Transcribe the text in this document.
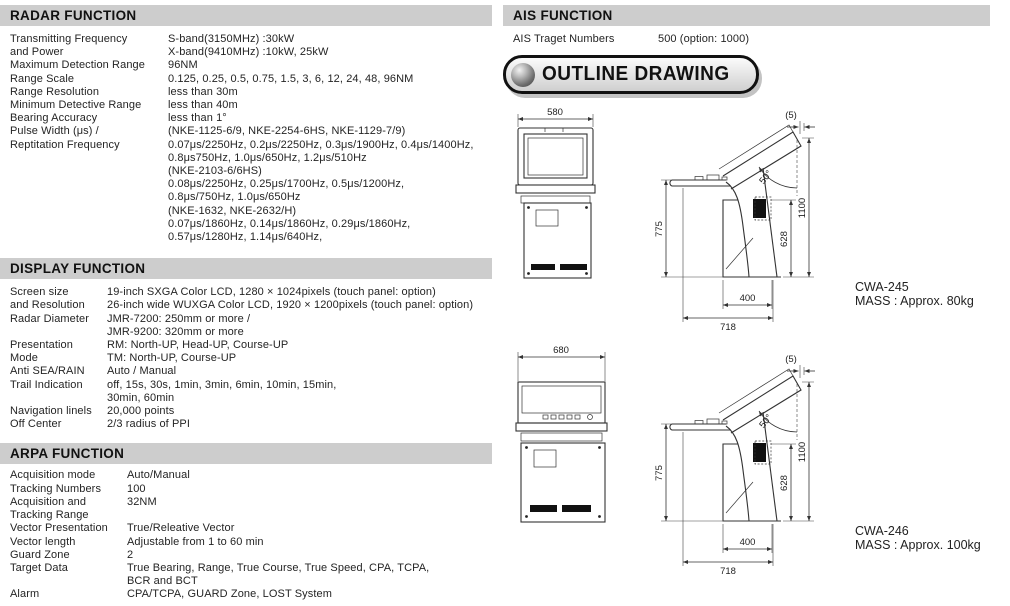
RADAR FUNCTION
Transmitting Frequency	S-band(3150MHz) :30kW
and Power	X-band(9410MHz) :10kW, 25kW
Maximum Detection Range	96NM
Range Scale	0.125, 0.25, 0.5, 0.75, 1.5, 3, 6, 12, 24, 48, 96NM
Range Resolution	less than 30m
Minimum Detective Range	less than 40m
Bearing Accuracy	less than 1°
Pulse Width (μs) /	(NKE-1125-6/9, NKE-2254-6HS, NKE-1129-7/9)
Reptitation Frequency	0.07μs/2250Hz, 0.2μs/2250Hz, 0.3μs/1900Hz, 0.4μs/1400Hz,
0.8μs750Hz, 1.0μs/650Hz, 1.2μs/510Hz
(NKE-2103-6/6HS)
0.08μs/2250Hz, 0.25μs/1700Hz, 0.5μs/1200Hz,
0.8μs/750Hz, 1.0μs/650Hz
(NKE-1632, NKE-2632/H)
0.07μs/1860Hz, 0.14μs/1860Hz, 0.29μs/1860Hz,
0.57μs/1280Hz, 1.14μs/640Hz,
DISPLAY FUNCTION
Screen size	19-inch SXGA Color LCD, 1280 × 1024pixels (touch panel: option)
and Resolution	26-inch wide WUXGA Color LCD, 1920 × 1200pixels (touch panel: option)
Radar Diameter	JMR-7200: 250mm or more /
JMR-9200: 320mm or more
Presentation	RM: North-UP, Head-UP, Course-UP
Mode	TM: North-UP, Course-UP
Anti SEA/RAIN	Auto / Manual
Trail Indication	off, 15s, 30s, 1min, 3min, 6min, 10min, 15min,
30min, 60min
Navigation linels	20,000 points
Off Center	2/3 radius of PPI
ARPA FUNCTION
Acquisition mode	Auto/Manual
Tracking Numbers	100
Acquisition and	32NM
Tracking Range
Vector Presentation	True/Releative Vector
Vector length	Adjustable from 1 to 60 min
Guard Zone	2
Target Data	True Bearing, Range, True Course, True Speed, CPA, TCPA,
BCR and BCT
Alarm	CPA/TCPA, GUARD Zone, LOST System
AIS FUNCTION
AIS Traget Numbers	500 (option: 1000)
OUTLINE DRAWING
580
50°
(5)
1100
628
775
400
718
CWA-245
MASS : Approx. 80kg
680
CWA-246
MASS : Approx. 100kg
